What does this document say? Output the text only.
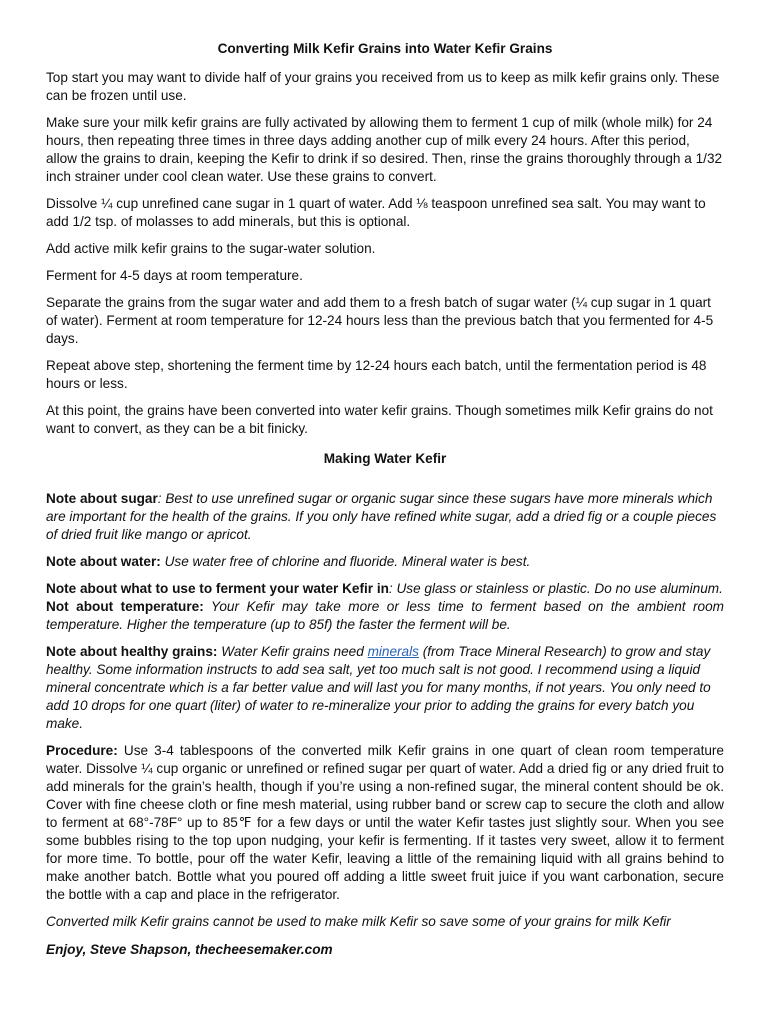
Converting Milk Kefir Grains into Water Kefir Grains

Top start you may want to divide half of your grains you received from us to keep as milk kefir grains only. These can be frozen until use.

Make sure your milk kefir grains are fully activated by allowing them to ferment 1 cup of milk (whole milk) for 24 hours, then repeating three times in three days adding another cup of milk every 24 hours. After this period, allow the grains to drain, keeping the Kefir to drink if so desired. Then, rinse the grains thoroughly through a 1/32 inch strainer under cool clean water. Use these grains to convert.

Dissolve ¼ cup unrefined cane sugar in 1 quart of water. Add ⅛ teaspoon unrefined sea salt. You may want to add 1/2 tsp. of molasses to add minerals, but this is optional.

Add active milk kefir grains to the sugar-water solution.

Ferment for 4-5 days at room temperature.

Separate the grains from the sugar water and add them to a fresh batch of sugar water (¼ cup sugar in 1 quart of water). Ferment at room temperature for 12-24 hours less than the previous batch that you fermented for 4-5 days.

Repeat above step, shortening the ferment time by 12-24 hours each batch, until the fermentation period is 48 hours or less.

At this point, the grains have been converted into water kefir grains. Though sometimes milk Kefir grains do not want to convert, as they can be a bit finicky.

Making Water Kefir

Note about sugar: Best to use unrefined sugar or organic sugar since these sugars have more minerals which are important for the health of the grains. If you only have refined white sugar, add a dried fig or a couple pieces of dried fruit like mango or apricot.

Note about water: Use water free of chlorine and fluoride. Mineral water is best.

Note about what to use to ferment your water Kefir in: Use glass or stainless or plastic. Do no use aluminum.

Not about temperature: Your Kefir may take more or less time to ferment based on the ambient room temperature. Higher the temperature (up to 85f) the faster the ferment will be.

Note about healthy grains: Water Kefir grains need minerals (from Trace Mineral Research) to grow and stay healthy. Some information instructs to add sea salt, yet too much salt is not good. I recommend using a liquid mineral concentrate which is a far better value and will last you for many months, if not years. You only need to add 10 drops for one quart (liter) of water to re-mineralize your prior to adding the grains for every batch you make.

Procedure: Use 3-4 tablespoons of the converted milk Kefir grains in one quart of clean room temperature water. Dissolve ¼ cup organic or unrefined or refined sugar per quart of water. Add a dried fig or any dried fruit to add minerals for the grain’s health, though if you’re using a non-refined sugar, the mineral content should be ok. Cover with fine cheese cloth or fine mesh material, using rubber band or screw cap to secure the cloth and allow to ferment at 68°-78F° up to 85℉ for a few days or until the water Kefir tastes just slightly sour. When you see some bubbles rising to the top upon nudging, your kefir is fermenting. If it tastes very sweet, allow it to ferment for more time. To bottle, pour off the water Kefir, leaving a little of the remaining liquid with all grains behind to make another batch. Bottle what you poured off adding a little sweet fruit juice if you want carbonation, secure the bottle with a cap and place in the refrigerator.

Converted milk Kefir grains cannot be used to make milk Kefir so save some of your grains for milk Kefir

Enjoy, Steve Shapson, thecheesemaker.com
